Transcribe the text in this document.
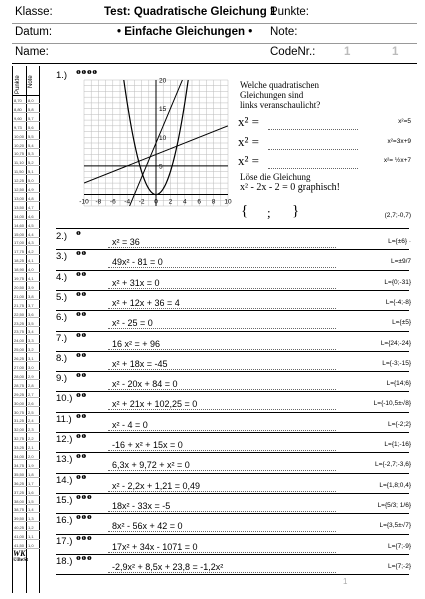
Klasse:	Test: Quadratische Gleichung 1
Punkte:
Datum:	• Einfache Gleichungen • Note:
Name:	CodeNr.: 1	1
Punkte Note
8,70 8,0
8,80 5,8
9,60 5,7
9,73 5,6
10,00 5,5
10,20 5,4
10,75 5,3
11,10 5,2
11,50 5,1
12,25 5,0
12,50 4,9
13,00 4,8
13,50 4,7
14,00 4,6
14,60 4,5
15,00 4,4
17,00 4,3
17,75 4,2
18,25 4,1
18,90 4,0
19,75 4,1
20,50 3,9
21,00 3,8
21,75 3,7
22,50 3,6
23,25 3,5
23,75 3,4
24,00 3,3
25,00 3,2
26,25 3,1
27,00 3,0
28,00 2,9
28,75 2,8
29,25 2,7
30,00 2,6
30,75 2,5
31,25 2,4
32,00 2,3
32,75 2,2
33,25 2,1
34,00 2,0
34,75 1,9
35,50 1,8
36,25 1,7
37,25 1,6
38,00 1,5
38,75 1,4
39,50 1,3
40,25 1,2
41,00 1,1
41,50 1,0
WK
©BeSt
1.) ❶❶❶❶
-10 -8 -6 -4 -2 0 2 4 6 8 10
5
10
15
20	Welche quadratischen
Gleichungen sind
links veranschaulicht?
x² =	x²=5
x² =	x²=3x+9
x² =	x²= ½x+7
Löse die Gleichung
x² - 2x - 2 = 0 graphisch!
{ ; }	(2,7;-0,7)
2.) ❶
x² = 36	L={±6} ·
3.) ❶❶
49x² - 81 = 0	L=±9/7
4.) ❶❶
x² + 31x = 0	L={0;-31}
5.) ❶❶
x² + 12x + 36 = 4	L={-4;-8}
6.) ❶❶
x² - 25 = 0	L={±5}
7.) ❶❶
16 x² = + 96	L={24;-24}
8.) ❶❶
x² + 18x = -45	L={-3;-15}
9.) ❶❶
x² - 20x + 84 = 0	L={14;6}
10.) ❶❶
x² + 21x + 102,25 = 0	L={-10,5±√8}
11.) ❶❶
x² - 4 = 0	L={-2;2}
12.) ❶❶
-16 + x² + 15x = 0	L={1;-16}
13.) ❶❶
6,3x + 9,72 + x² = 0	L={-2,7;-3,6}
14.) ❶❶
x² - 2,2x + 1,21 = 0,49	L={1,8;0,4}
15.) ❶❶❶
18x² - 33x = -5	L={5/3; 1/6}
16.) ❶❶❶
8x² - 56x + 42 = 0	L={3,5±√7}
17.) ❶❶❶
17x² + 34x - 1071 = 0	L={7;-9}
18.) ❶❶❶
-2,9x² + 8,5x + 23,8 = -1,2x²	L={7;-2}
1
